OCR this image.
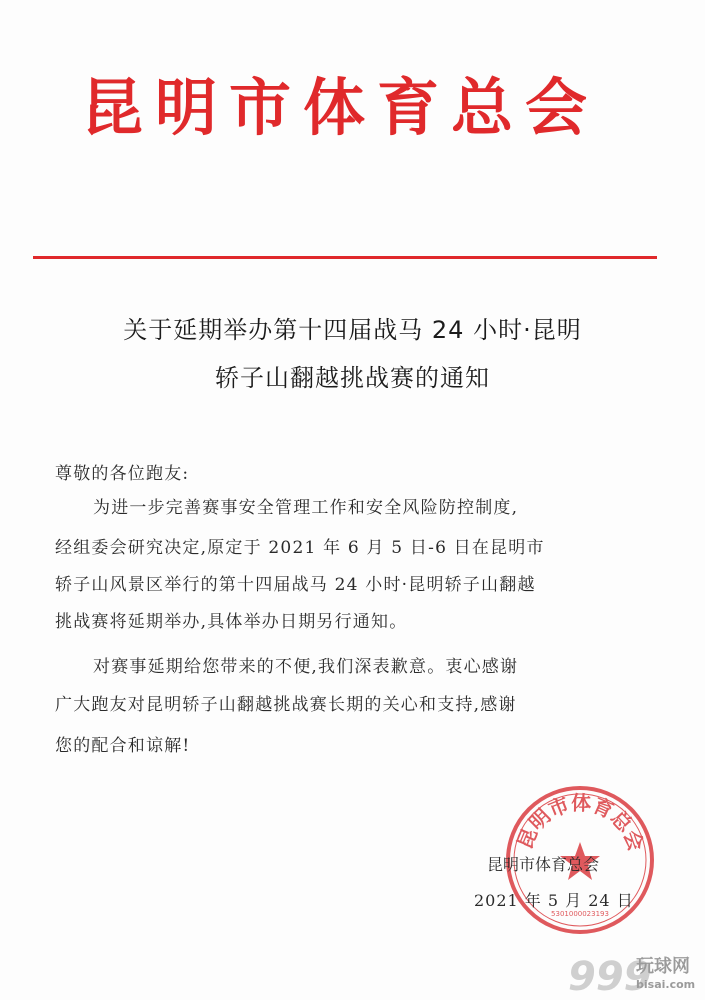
昆明市体育总会
关于延期举办第十四届战马 24 小时·昆明
轿子山翻越挑战赛的通知
尊敬的各位跑友:
为进一步完善赛事安全管理工作和安全风险防控制度,
经组委会研究决定,原定于 2021 年 6 月 5 日-6 日在昆明市
轿子山风景区举行的第十四届战马 24 小时·昆明轿子山翻越
挑战赛将延期举办,具体举办日期另行通知。
对赛事延期给您带来的不便,我们深表歉意。衷心感谢
广大跑友对昆明轿子山翻越挑战赛长期的关心和支持,感谢
您的配合和谅解!
昆明市体育总会
5301000023193
昆明市体育总会
2021 年 5 月 24 日
999
玩球网
bisai.com
